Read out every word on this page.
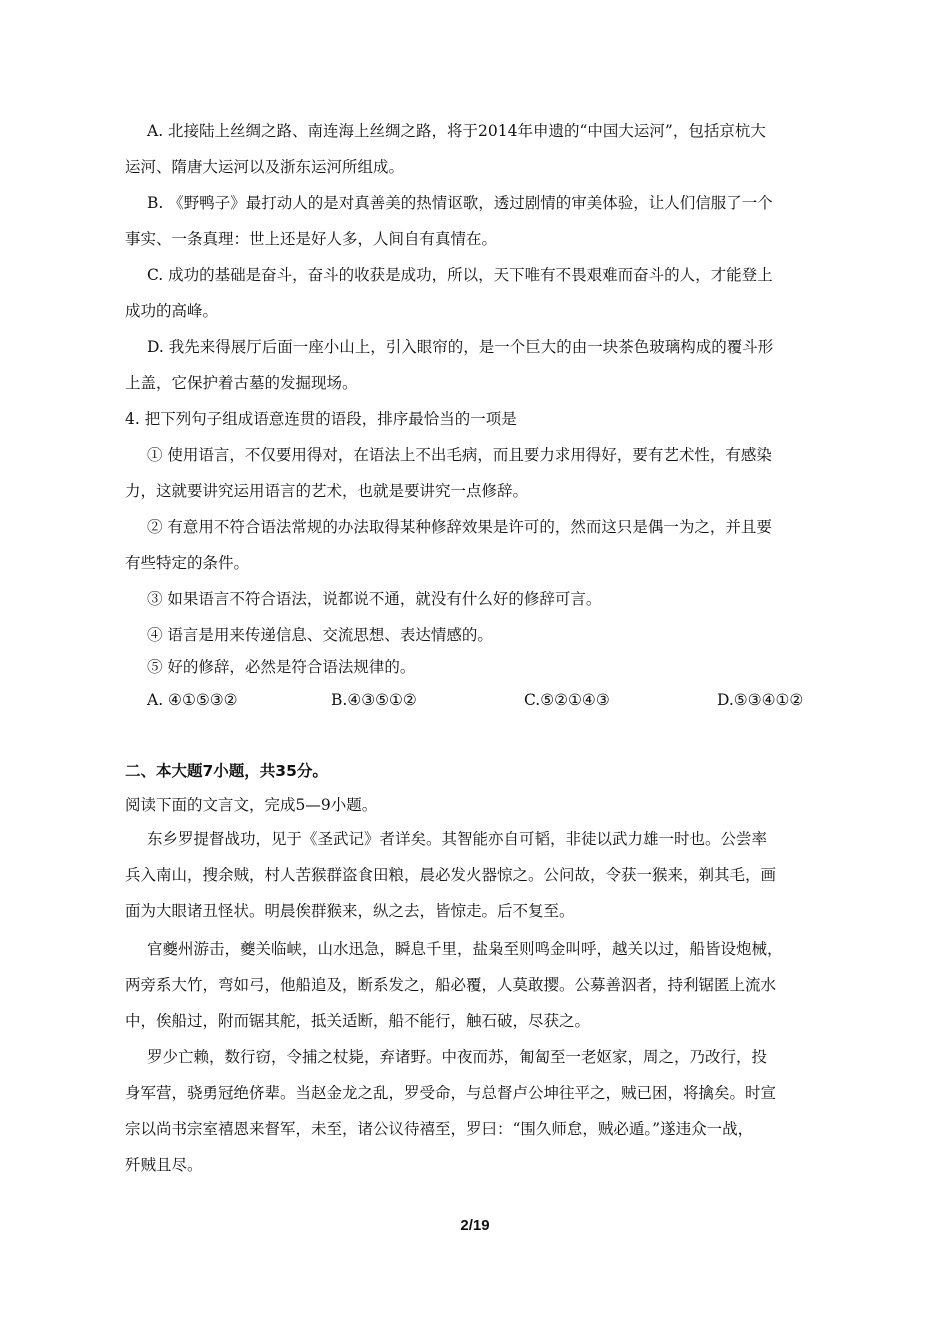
A. 北接陆上丝绸之路、南连海上丝绸之路，将于2014年申遗的“中国大运河”，包括京杭大
运河、隋唐大运河以及浙东运河所组成。
B. 《野鸭子》最打动人的是对真善美的热情讴歌，透过剧情的审美体验，让人们信服了一个
事实、一条真理：世上还是好人多，人间自有真情在。
C. 成功的基础是奋斗，奋斗的收获是成功，所以，天下唯有不畏艰难而奋斗的人，才能登上
成功的高峰。
D. 我先来得展厅后面一座小山上，引入眼帘的，是一个巨大的由一块茶色玻璃构成的覆斗形
上盖，它保护着古墓的发掘现场。
4. 把下列句子组成语意连贯的语段，排序最恰当的一项是
① 使用语言，不仅要用得对，在语法上不出毛病，而且要力求用得好，要有艺术性，有感染
力，这就要讲究运用语言的艺术，也就是要讲究一点修辞。
② 有意用不符合语法常规的办法取得某种修辞效果是许可的，然而这只是偶一为之，并且要
有些特定的条件。
③ 如果语言不符合语法，说都说不通，就没有什么好的修辞可言。
④ 语言是用来传递信息、交流思想、表达情感的。
⑤ 好的修辞，必然是符合语法规律的。
A. ④①⑤③②	B.④③⑤①②	C.⑤②①④③	D.⑤③④①②
二、本大题7小题，共35分。
阅读下面的文言文，完成5—9小题。
东乡罗提督战功，见于《圣武记》者详矣。其智能亦自可韬，非徒以武力雄一时也。公尝率
兵入南山，搜余贼，村人苦猴群盗食田粮，晨必发火器惊之。公问故，令获一猴来，剃其毛，画
面为大眼诸丑怪状。明晨俟群猴来，纵之去，皆惊走。后不复至。
官夔州游击，夔关临峡，山水迅急，瞬息千里，盐枭至则鸣金叫呼，越关以过，船皆设炮械，
两旁系大竹，弯如弓，他船追及，断系发之，船必覆，人莫敢撄。公募善泅者，持利锯匿上流水
中，俟船过，附而锯其舵，抵关适断，船不能行，触石破，尽获之。
罗少亡赖，数行窃，令捕之杖毙，弃诸野。中夜而苏，匍匐至一老妪家，周之，乃改行，投
身军营，骁勇冠绝侪辈。当赵金龙之乱，罗受命，与总督卢公坤往平之，贼已困，将擒矣。时宣
宗以尚书宗室禧恩来督军，未至，诸公议待禧至，罗曰：“围久师怠，贼必遁。”遂违众一战，
歼贼且尽。
2/19
